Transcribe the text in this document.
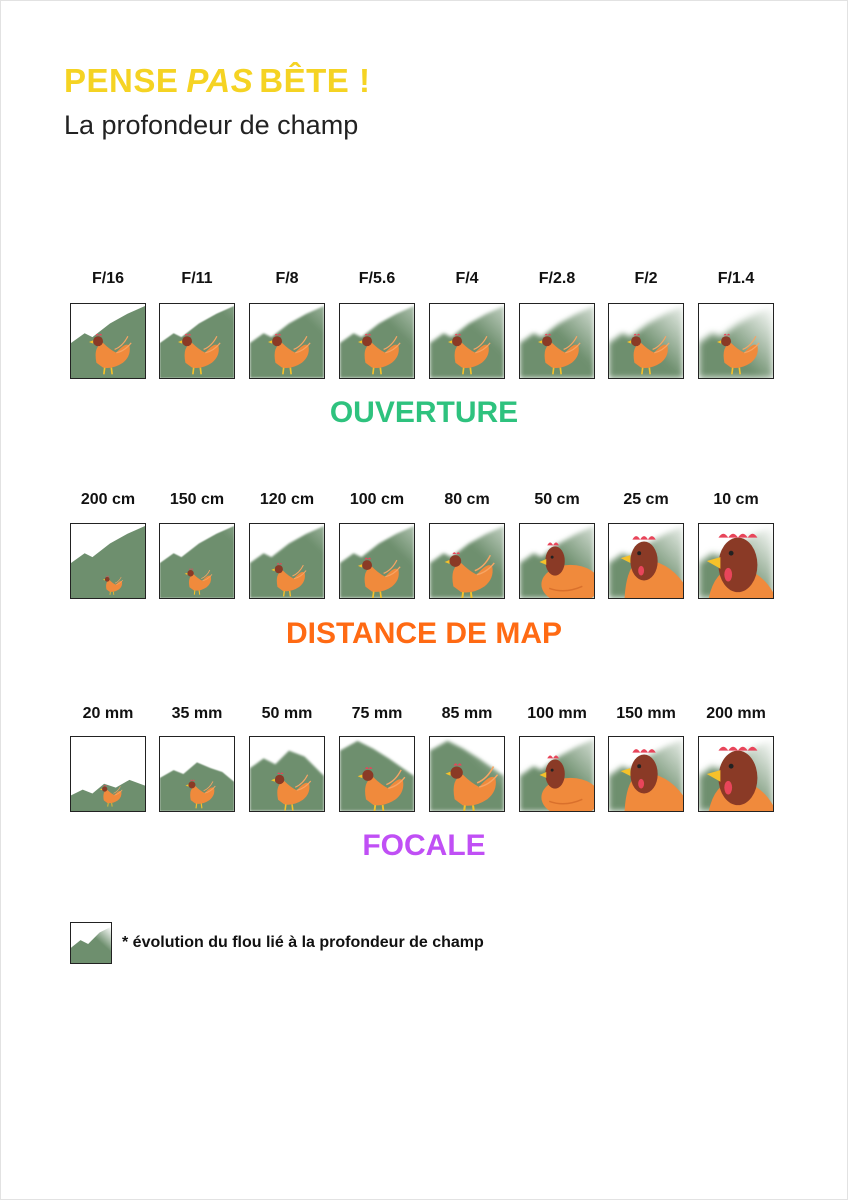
PENSE PAS BÊTE !
La profondeur de champ
F/16	F/11	F/8	F/5.6	F/4	F/2.8	F/2	F/1.4
OUVERTURE
200 cm	150 cm	120 cm	100 cm	80 cm	50 cm	25 cm	10 cm
DISTANCE DE MAP
20 mm	35 mm	50 mm	75 mm	85 mm	100 mm	150 mm	200 mm
FOCALE
* évolution du flou lié à la profondeur de champ
